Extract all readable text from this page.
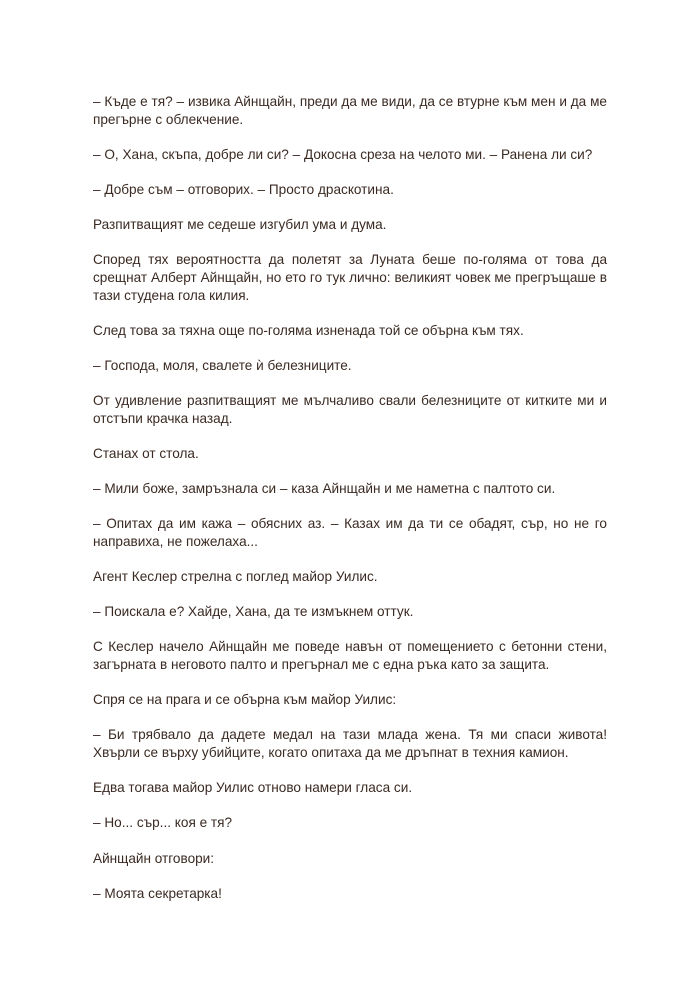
– Къде е тя? – извика Айнщайн, преди да ме види, да се втурне към мен и да ме прегърне с облекчение.

– О, Хана, скъпа, добре ли си? – Докосна среза на челото ми. – Ранена ли си?

– Добре съм – отговорих. – Просто драскотина.

Разпитващият ме седеше изгубил ума и дума.

Според тях вероятността да полетят за Луната беше по-голяма от това да срещнат Алберт Айнщайн, но ето го тук лично: великият човек ме прегръщаше в тази студена гола килия.

След това за тяхна още по-голяма изненада той се обърна към тях.

– Господа, моля, свалете ѝ белезниците.

От удивление разпитващият ме мълчаливо свали белезниците от китките ми и отстъпи крачка назад.

Станах от стола.

– Мили боже, замръзнала си – каза Айнщайн и ме наметна с палтото си.

– Опитах да им кажа – обясних аз. – Казах им да ти се обадят, сър, но не го направиха, не пожелаха...

Агент Кеслер стрелна с поглед майор Уилис.

– Поискала е? Хайде, Хана, да те измъкнем оттук.

С Кеслер начело Айнщайн ме поведе навън от помещението с бетонни стени, загърната в неговото палто и прегърнал ме с една ръка като за защита.

Спря се на прага и се обърна към майор Уилис:

– Би трябвало да дадете медал на тази млада жена. Тя ми спаси живота! Хвърли се върху убийците, когато опитаха да ме дръпнат в техния камион.

Едва тогава майор Уилис отново намери гласа си.

– Но... сър... коя е тя?

Айнщайн отговори:

– Моята секретарка!
